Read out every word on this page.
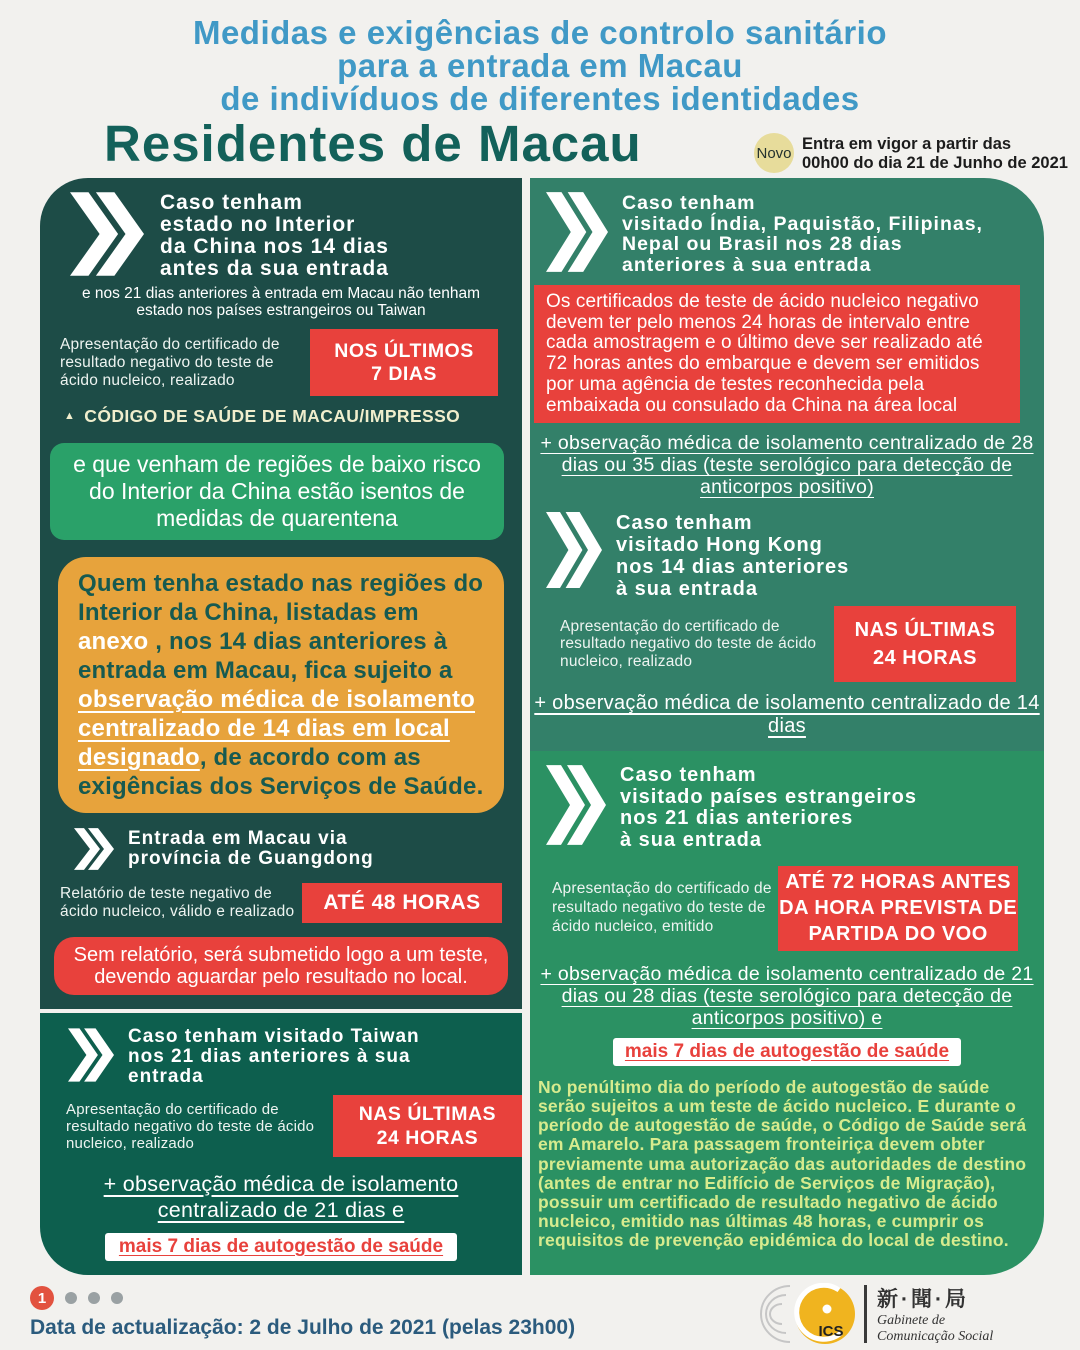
Medidas e exigências de controlo sanitário
para a entrada em Macau
de indivíduos de diferentes identidades
Residentes de Macau	Novo Entra em vigor a partir das
00h00 do dia 21 de Junho de 2021
Caso tenham
estado no Interior
da China nos 14 dias
antes da sua entrada
e nos 21 dias anteriores à entrada em Macau não tenham estado nos países estrangeiros ou Taiwan
Apresentação do certificado de resultado negativo do teste de ácido nucleico, realizado
NOS ÚLTIMOS
7 DIAS
▲ CÓDIGO DE SAÚDE DE MACAU/IMPRESSO
e que venham de regiões de baixo risco do Interior da China estão isentos de medidas de quarentena
Quem tenha estado nas regiões do Interior da China, listadas em anexo , nos 14 dias anteriores à entrada em Macau, fica sujeito a observação médica de isolamento centralizado de 14 dias em local designado, de acordo com as exigências dos Serviços de Saúde.
Entrada em Macau via
província de Guangdong
Relatório de teste negativo de ácido nucleico, válido e realizado ATÉ 48 HORAS
Sem relatório, será submetido logo a um teste, devendo aguardar pelo resultado no local.
Caso tenham visitado Taiwan
nos 21 dias anteriores à sua
entrada
Apresentação do certificado de resultado negativo do teste de ácido nucleico, realizado
NAS ÚLTIMAS
24 HORAS
+ observação médica de isolamento centralizado de 21 dias e
mais 7 dias de autogestão de saúde
Caso tenham
visitado Índia, Paquistão, Filipinas,
Nepal ou Brasil nos 28 dias
anteriores à sua entrada
Os certificados de teste de ácido nucleico negativo devem ter pelo menos 24 horas de intervalo entre cada amostragem e o último deve ser realizado até 72 horas antes do embarque e devem ser emitidos por uma agência de testes reconhecida pela embaixada ou consulado da China na área local
+ observação médica de isolamento centralizado de 28 dias ou 35 dias (teste serológico para detecção de anticorpos positivo)
Caso tenham
visitado Hong Kong
nos 14 dias anteriores
à sua entrada
Apresentação do certificado de resultado negativo do teste de ácido nucleico, realizado
NAS ÚLTIMAS
24 HORAS
+ observação médica de isolamento centralizado de 14 dias
Caso tenham
visitado países estrangeiros
nos 21 dias anteriores
à sua entrada
Apresentação do certificado de resultado negativo do teste de ácido nucleico, emitido
ATÉ 72 HORAS ANTES
DA HORA PREVISTA DE
PARTIDA DO VOO
+ observação médica de isolamento centralizado de 21 dias ou 28 dias (teste serológico para detecção de anticorpos positivo) e
mais 7 dias de autogestão de saúde
No penúltimo dia do período de autogestão de saúde serão sujeitos a um teste de ácido nucleico. E durante o período de autogestão de saúde, o Código de Saúde será em Amarelo. Para passagem fronteiriça devem obter previamente uma autorização das autoridades de destino (antes de entrar no Edifício de Serviços de Migração), possuir um certificado de resultado negativo de ácido nucleico, emitido nas últimas 48 horas, e cumprir os requisitos de prevenção epidémica do local de destino.
1
Data de actualização: 2 de Julho de 2021 (pelas 23h00)	ICS
新·聞·局
Gabinete de
Comunicação Social
